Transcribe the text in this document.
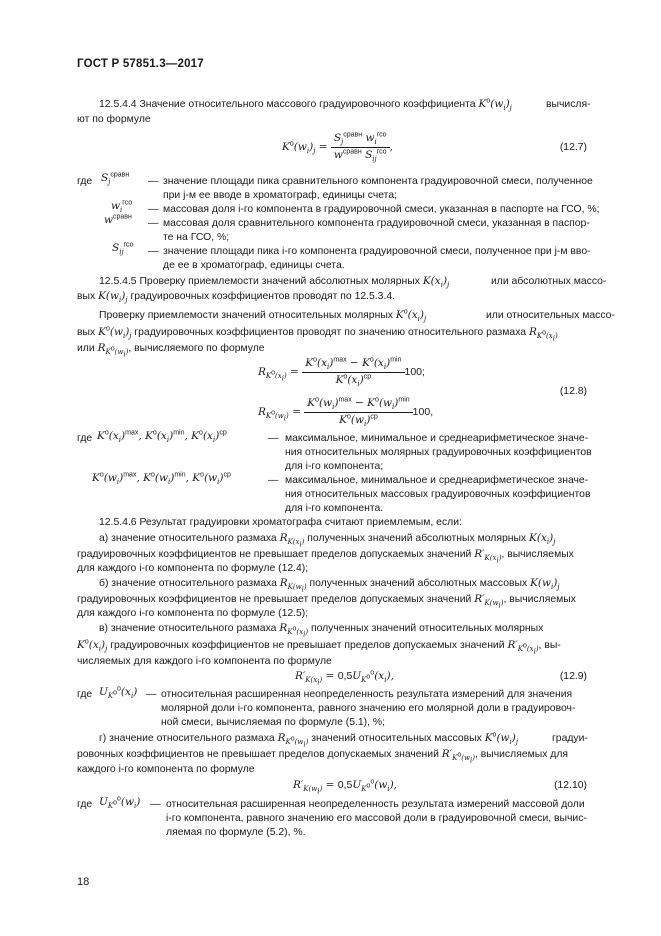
ГОСТ Р 57851.3—2017
12.5.4.4 Значение относительного массового градуировочного коэффициента $K^о(w_i)_j$	вычисля-
ют по формуле
$K^о(w_i)_j = \frac{S_j^{сравн} w_i^{гсо}}{w^{сравн} S_{ij}^{гсо}}$ ,	(12.7)
где $S_j^{сравн}$
— значение площади пика сравнительного компонента градуировочной смеси, полученное
при j-м ее вводе в хроматограф, единицы счета;
$w_i^{гсо}$
— массовая доля i-го компонента в градуировочной смеси, указанная в паспорте на ГСО, %;
$w^{сравн}$
— массовая доля сравнительного компонента градуировочной смеси, указанная в паспор-
те на ГСО, %;
$S_{ij}^{гсо}$
— значение площади пика i-го компонента градуировочной смеси, полученное при j-м вво-
де ее в хроматограф, единицы счета.
12.5.4.5 Проверку приемлемости значений абсолютных молярных $K(x_i)_j$	или абсолютных массо-
вых $K(w_i)_j$ градуировочных коэффициентов проводят по 12.5.3.4.
Проверку приемлемости значений относительных молярных $K^о(x_i)_j$	или относительных массо-
вых $K^о(w_i)_j$ градуировочных коэффициентов проводят по значению относительного размаха $R_{K^о(x_i)}$
или $R_{K^о(w_i)}$, вычисляемого по формуле
$R_{K^о(x_i)} = \frac{K^о(x_i)^{max} - K^о(x_i)^{min}}{K^о(x_i)^{ср}} 100$;
$R_{K^о(w_i)} = \frac{K^о(w_i)^{max} - K^о(w_i)^{min}}{K^о(w_i)^{ср}} 100$,
(12.8)
где $K^о(x_i)^{max}$, $K^о(x_i)^{min}$, $K^о(x_i)^{ср}$	— максимальное, минимальное и среднеарифметическое значе-
ния относительных молярных градуировочных коэффициентов
для i-го компонента;
$K^о(w_i)^{max}$, $K^о(w_i)^{min}$, $K^о(w_i)^{ср}$	— максимальное, минимальное и среднеарифметическое значе-
ния относительных массовых градуировочных коэффициентов
для i-го компонента.
12.5.4.6 Результат градуировки хроматографа считают приемлемым, если:
а) значение относительного размаха $R_{K(x_i)}$ полученных значений абсолютных молярных $K(x_i)_j$
градуировочных коэффициентов не превышает пределов допускаемых значений $R'_{K(x_i)}$, вычисляемых
для каждого i-го компонента по формуле (12.4);
б) значение относительного размаха $R_{K(w_i)}$ полученных значений абсолютных массовых $K(w_i)_j$
градуировочных коэффициентов не превышает пределов допускаемых значений $R'_{K(w_i)}$, вычисляемых
для каждого i-го компонента по формуле (12.5);
в) значение относительного размаха $R_{K^о(x_i)}$ полученных значений относительных молярных
$K^о(x_i)_j$ градуировочных коэффициентов не превышает пределов допускаемых значений $R'_{K^о(x_i)}$, вы-
числяемых для каждого i-го компонента по формуле
$R'_{K(x_i)} = 0,5U_{K^о}^о(x_i)$,	(12.9)
где $U_{K^о}^о(x_i)$ — относительная расширенная неопределенность результата измерений для значения
молярной доли i-го компонента, равного значению его молярной доли в градуировоч-
ной смеси, вычисляемая по формуле (5.1), %;
г) значение относительного размаха $R_{K^о(w_i)}$ значений относительных массовых $K^о(w_i)_j$	градуи-
ровочных коэффициентов не превышает пределов допускаемых значений $R'_{K^о(w_i)}$, вычисляемых для
каждого i-го компонента по формуле
$R'_{K(w_i)} = 0,5U_{K^о}^о(w_i)$,	(12.10)
где $U_{K^о}^о(w_i)$ — относительная расширенная неопределенность результата измерений массовой доли
i-го компонента, равного значению его массовой доли в градуировочной смеси, вычис-
ляемая по формуле (5.2), %.
18
